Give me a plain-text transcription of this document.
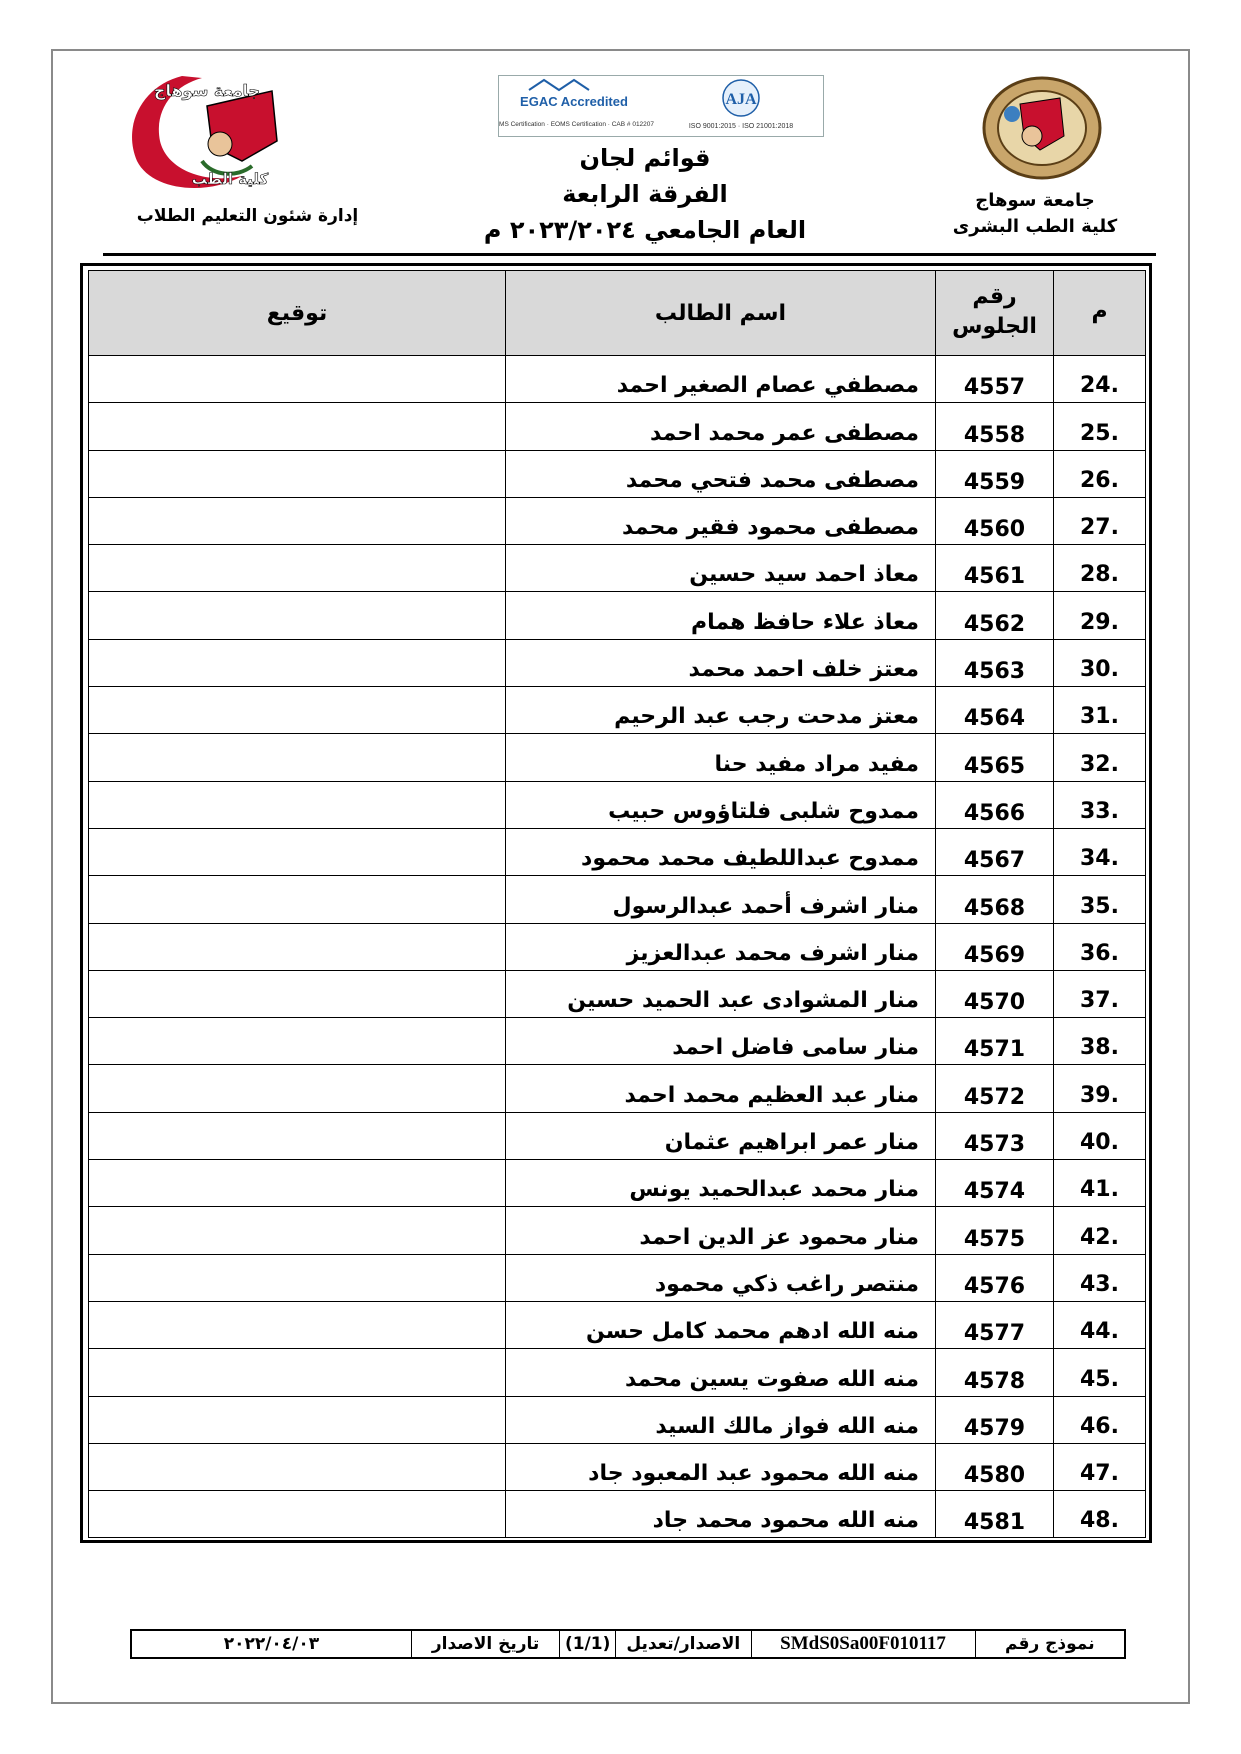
جامعة سوهاج
كلية الطب
إدارة شئون التعليم الطلاب
EGAC Accredited
QMS Certification · EOMS Certification · CAB # 012207
AJA
ISO 9001:2015 · ISO 21001:2018
جامعة سوهاج
كلية الطب البشرى
قوائم لجان
الفرقة الرابعة
العام الجامعي ٢٠٢٣/٢٠٢٤ م
م	رقم الجلوس	اسم الطالب	توقيع
24.	4557	مصطفي عصام الصغير احمد	
25.	4558	مصطفى عمر محمد احمد	
26.	4559	مصطفى محمد فتحي محمد	
27.	4560	مصطفى محمود فقير محمد	
28.	4561	معاذ احمد سيد حسين	
29.	4562	معاذ علاء حافظ همام	
30.	4563	معتز خلف احمد محمد	
31.	4564	معتز مدحت رجب عبد الرحيم	
32.	4565	مفيد مراد مفيد حنا	
33.	4566	ممدوح شلبى فلتاؤوس حبيب	
34.	4567	ممدوح عبداللطيف محمد محمود	
35.	4568	منار اشرف أحمد عبدالرسول	
36.	4569	منار اشرف محمد عبدالعزيز	
37.	4570	منار المشوادى عبد الحميد حسين	
38.	4571	منار سامى فاضل احمد	
39.	4572	منار عبد العظيم محمد احمد	
40.	4573	منار عمر ابراهيم عثمان	
41.	4574	منار محمد عبدالحميد يونس	
42.	4575	منار محمود عز الدين احمد	
43.	4576	منتصر راغب ذكي محمود	
44.	4577	منه الله ادهم محمد كامل حسن	
45.	4578	منه الله صفوت يسين محمد	
46.	4579	منه الله فواز مالك السيد	
47.	4580	منه الله محمود عبد المعبود جاد	
48.	4581	منه الله محمود محمد جاد	
نموذج رقم
SMdS0Sa00F010117
الاصدار/تعديل
(1/1)
تاريخ الاصدار
٢٠٢٢/٠٤/٠٣
